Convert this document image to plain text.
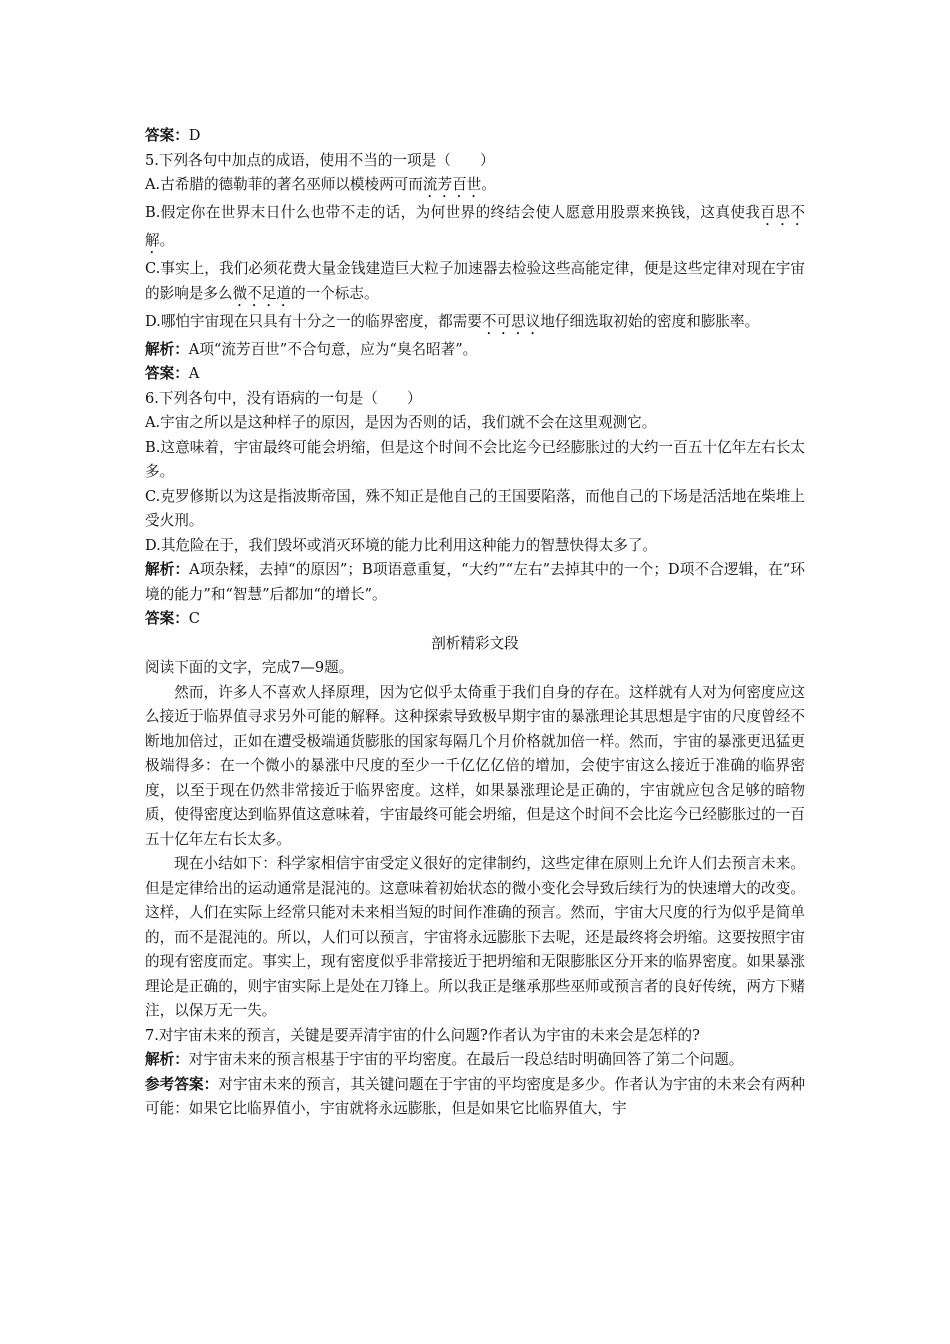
答案：D
5.下列各句中加点的成语，使用不当的一项是（　　）
A.古希腊的德勒菲的著名巫师以模棱两可而流芳百世。
B.假定你在世界末日什么也带不走的话，为何世界的终结会使人愿意用股票来换钱，这真使我百思不解。
C.事实上，我们必须花费大量金钱建造巨大粒子加速器去检验这些高能定律，便是这些定律对现在宇宙的影响是多么微不足道的一个标志。
D.哪怕宇宙现在只具有十分之一的临界密度，都需要不可思议地仔细选取初始的密度和膨胀率。
解析：A项“流芳百世”不合句意，应为“臭名昭著”。
答案：A
6.下列各句中，没有语病的一句是（　　）
A.宇宙之所以是这种样子的原因，是因为否则的话，我们就不会在这里观测它。
B.这意味着，宇宙最终可能会坍缩，但是这个时间不会比迄今已经膨胀过的大约一百五十亿年左右长太多。
C.克罗修斯以为这是指波斯帝国，殊不知正是他自己的王国要陷落，而他自己的下场是活活地在柴堆上受火刑。
D.其危险在于，我们毁坏或消灭环境的能力比利用这种能力的智慧快得太多了。
解析：A项杂糅，去掉“的原因”；B项语意重复，“大约”“左右”去掉其中的一个；D项不合逻辑，在“环境的能力”和“智慧”后都加“的增长”。
答案：C
剖析精彩文段
阅读下面的文字，完成7—9题。
然而，许多人不喜欢人择原理，因为它似乎太倚重于我们自身的存在。这样就有人对为何密度应这么接近于临界值寻求另外可能的解释。这种探索导致极早期宇宙的暴涨理论其思想是宇宙的尺度曾经不断地加倍过，正如在遭受极端通货膨胀的国家每隔几个月价格就加倍一样。然而，宇宙的暴涨更迅猛更极端得多：在一个微小的暴涨中尺度的至少一千亿亿亿倍的增加，会使宇宙这么接近于准确的临界密度，以至于现在仍然非常接近于临界密度。这样，如果暴涨理论是正确的，宇宙就应包含足够的暗物质，使得密度达到临界值这意味着，宇宙最终可能会坍缩，但是这个时间不会比迄今已经膨胀过的一百五十亿年左右长太多。
现在小结如下：科学家相信宇宙受定义很好的定律制约，这些定律在原则上允许人们去预言未来。但是定律给出的运动通常是混沌的。这意味着初始状态的微小变化会导致后续行为的快速增大的改变。这样，人们在实际上经常只能对未来相当短的时间作准确的预言。然而，宇宙大尺度的行为似乎是简单的，而不是混沌的。所以，人们可以预言，宇宙将永远膨胀下去呢，还是最终将会坍缩。这要按照宇宙的现有密度而定。事实上，现有密度似乎非常接近于把坍缩和无限膨胀区分开来的临界密度。如果暴涨理论是正确的，则宇宙实际上是处在刀锋上。所以我正是继承那些巫师或预言者的良好传统，两方下赌注，以保万无一失。
7.对宇宙未来的预言，关键是要弄清宇宙的什么问题?作者认为宇宙的未来会是怎样的?
解析：对宇宙未来的预言根基于宇宙的平均密度。在最后一段总结时明确回答了第二个问题。
参考答案：对宇宙未来的预言，其关键问题在于宇宙的平均密度是多少。作者认为宇宙的未来会有两种可能：如果它比临界值小，宇宙就将永远膨胀，但是如果它比临界值大，宇
